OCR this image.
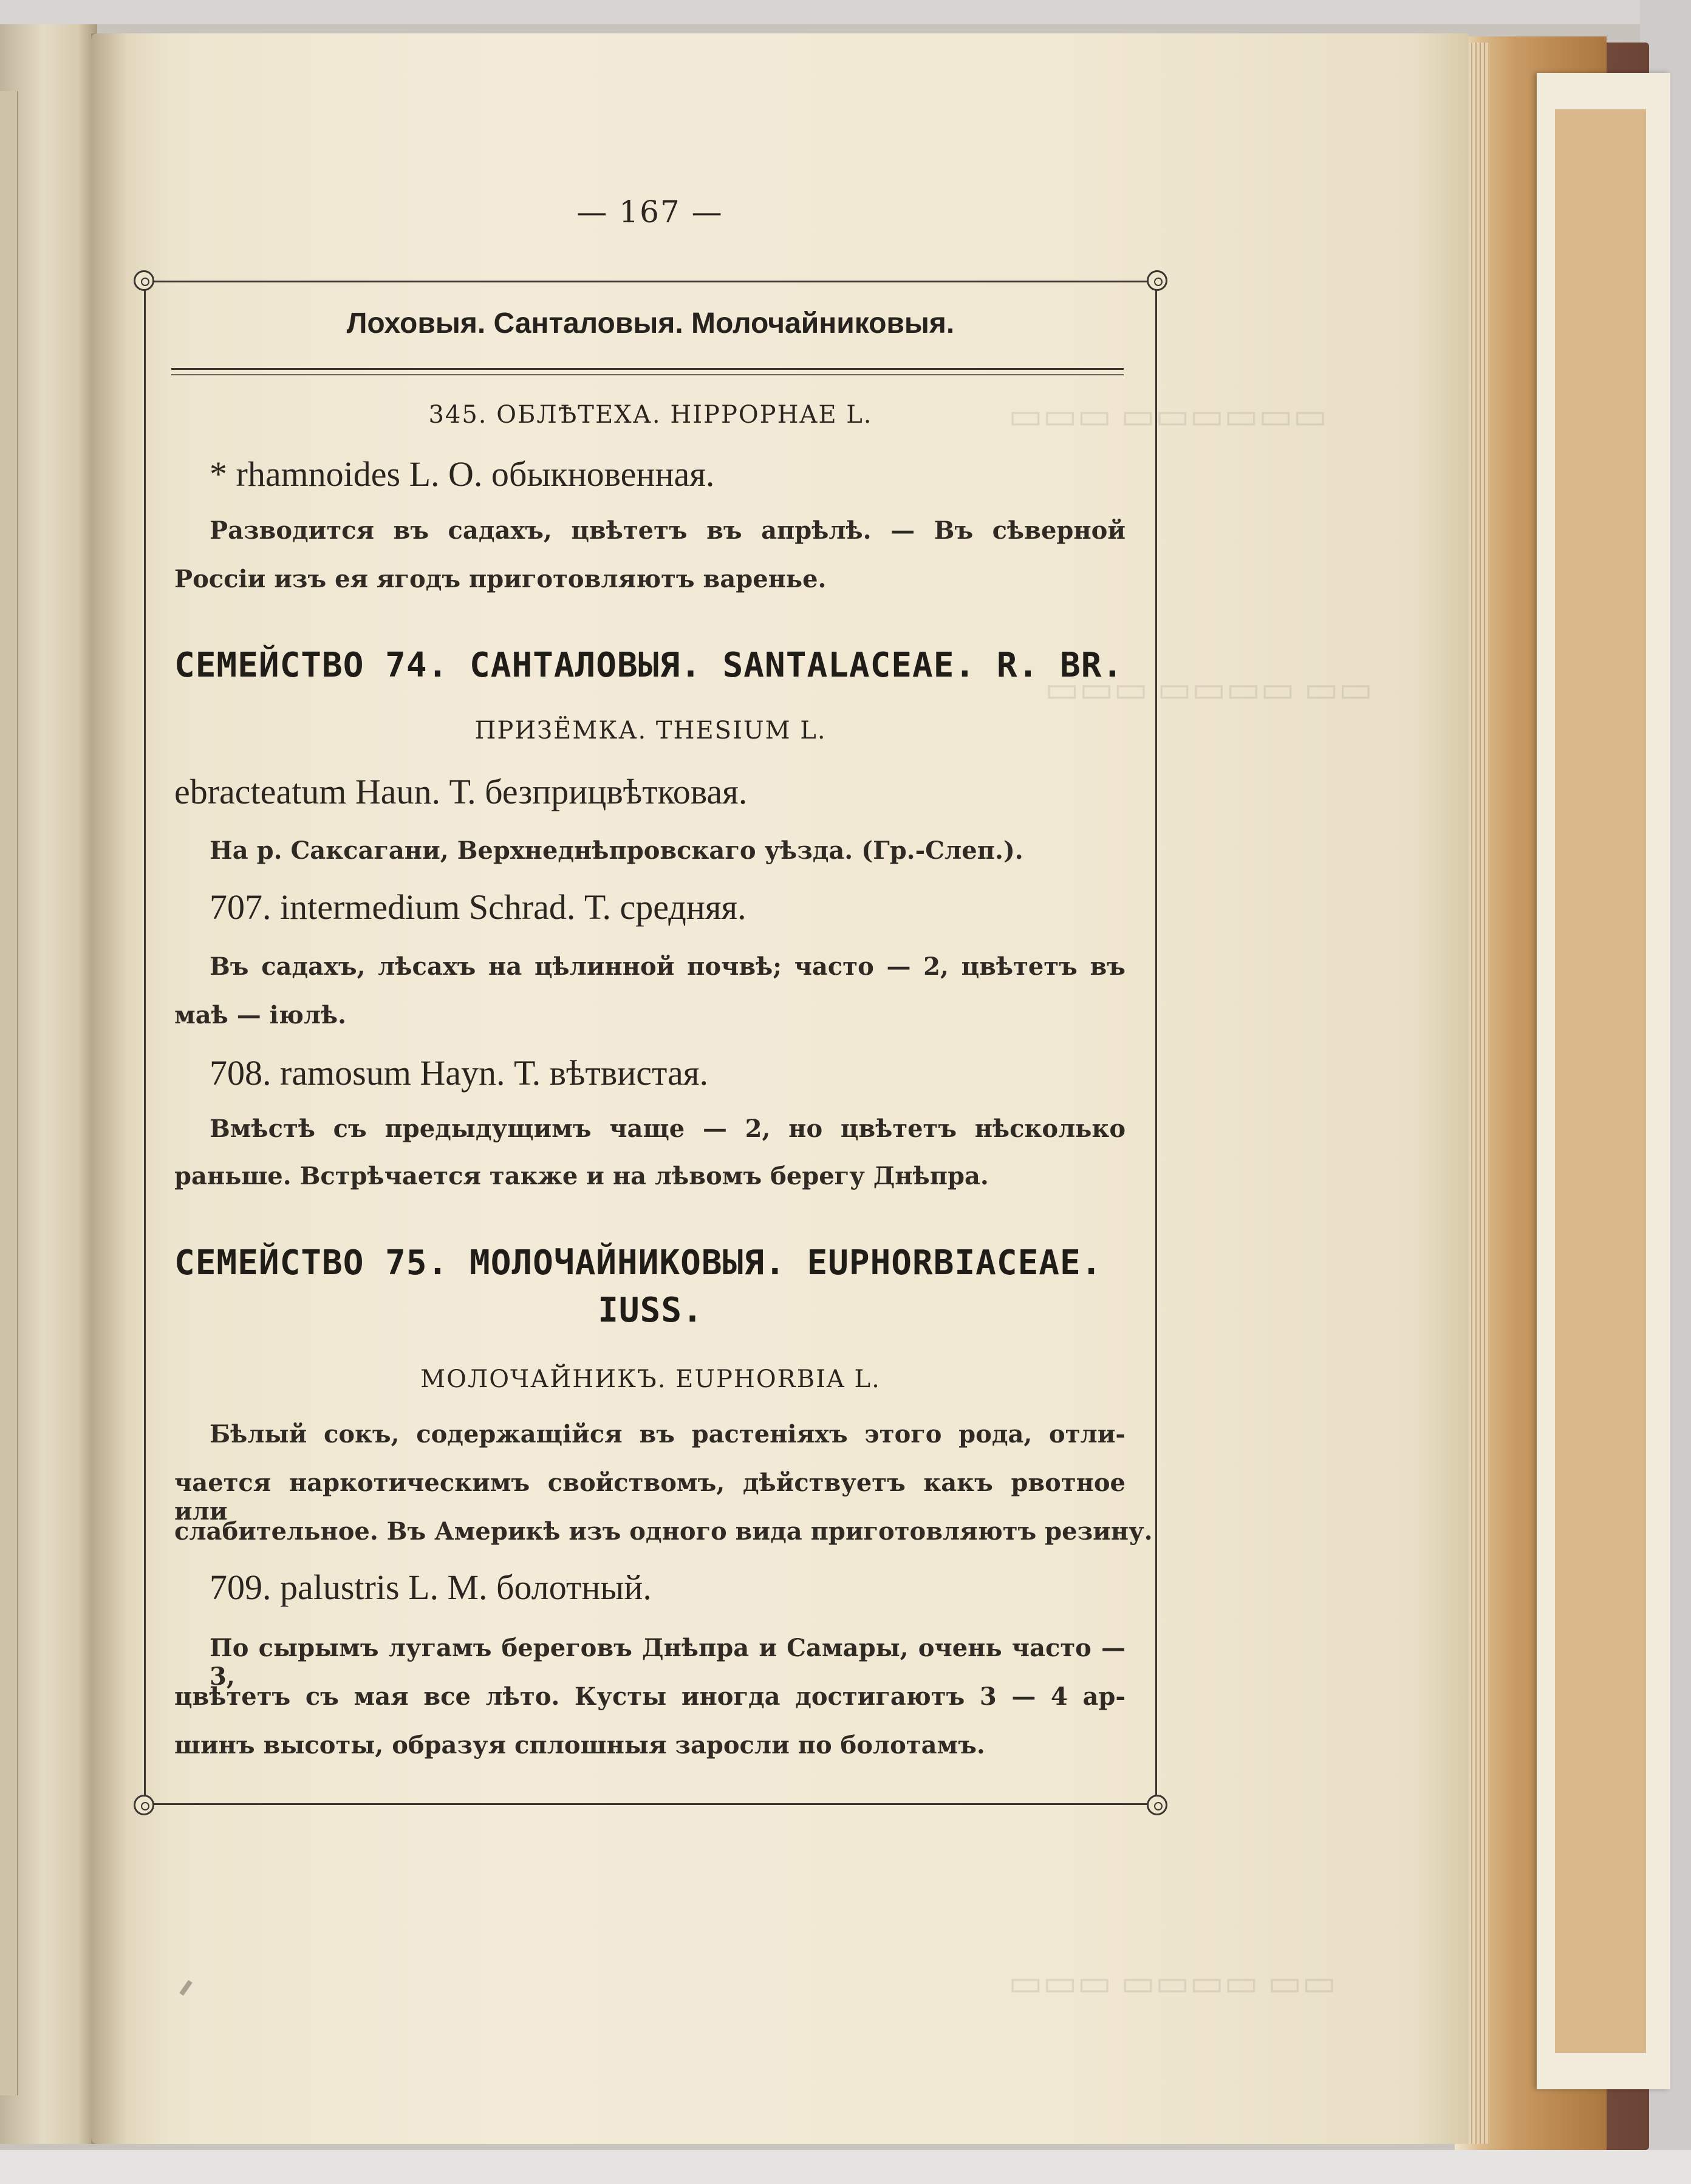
▭▭▭ ▭▭▭▭▭▭
▭▭▭ ▭▭▭▭ ▭▭
▭▭▭ ▭▭▭▭ ▭▭
— 167 —
Лоховыя. Санталовыя. Молочайниковыя.

345. ОБЛѢТЕХА. HIPPOPHAE L.

* rhamnoides L. О. обыкновенная.

Разводится въ садахъ, цвѣтетъ въ апрѣлѣ. — Въ сѣверной

Россіи изъ ея ягодъ приготовляютъ варенье.

СЕМЕЙСТВО 74. САНТАЛОВЫЯ. SANTALACEAE. R. BR.

ПРИЗЁМКА. THESIUM L.

ebracteatum Haun. Т. безприцвѣтковая.

На р. Саксагани, Верхнеднѣпровскаго уѣзда. (Гр.-Слеп.).

707. intermedium Schrad. Т. средняя.

Въ садахъ, лѣсахъ на цѣлинной почвѣ; часто — 2, цвѣтетъ въ

маѣ — іюлѣ.

708. ramosum Hayn. Т. вѣтвистая.

Вмѣстѣ съ предыдущимъ чаще — 2, но цвѣтетъ нѣсколько

раньше. Встрѣчается также и на лѣвомъ берегу Днѣпра.

СЕМЕЙСТВО 75. МОЛОЧАЙНИКОВЫЯ. EUPHORBIACEAE.

IUSS.

МОЛОЧАЙНИКЪ. EUPHORBIA L.

Бѣлый сокъ, содержащійся въ растеніяхъ этого рода, отли-

чается наркотическимъ свойствомъ, дѣйствуетъ какъ рвотное или

слабительное. Въ Америкѣ изъ одного вида приготовляютъ резину.

709. palustris L. М. болотный.

По сырымъ лугамъ береговъ Днѣпра и Самары, очень часто — 3,

цвѣтетъ съ мая все лѣто. Кусты иногда достигаютъ 3 — 4 ар-

шинъ высоты, образуя сплошныя заросли по болотамъ.
